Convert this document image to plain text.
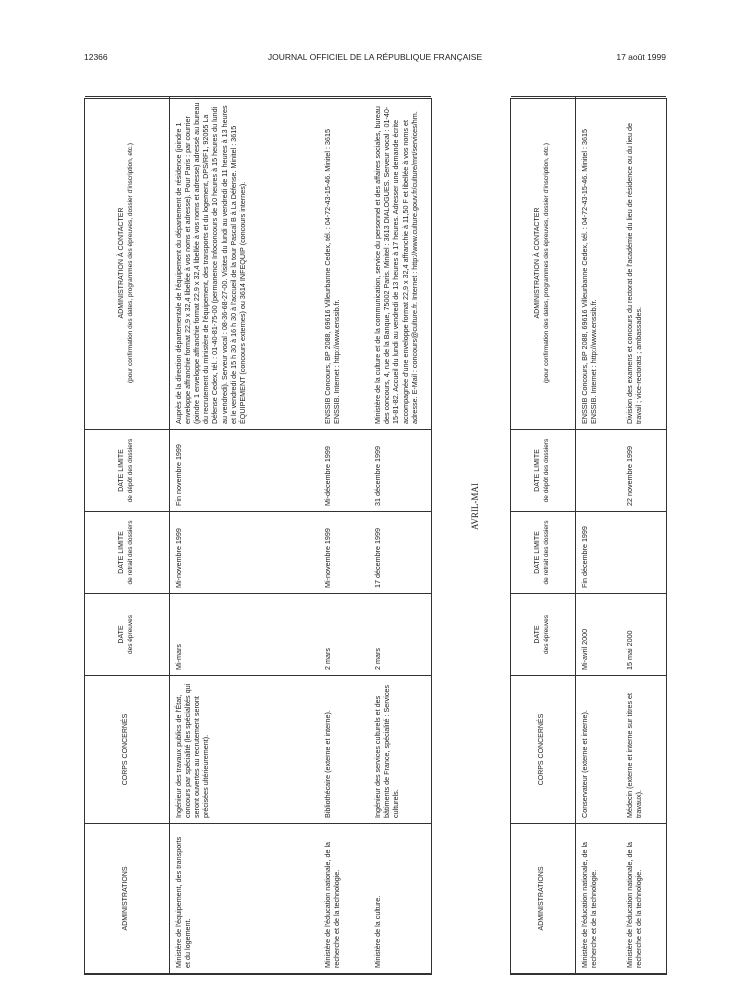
12366	JOURNAL OFFICIEL DE LA RÉPUBLIQUE FRANÇAISE	17 août 1999
ADMINISTRATIONS	CORPS CONCERNÉS	DATE des épreuves	DATE LIMITE de retrait des dossiers	DATE LIMITE de dépôt des dossiers	ADMINISTRATION À CONTACTER (pour confirmation des dates, programmes des épreuves, dossier d'inscription, etc.)

Ministère de l'équipement, des transports et du logement.	Ingénieur des travaux publics de l'État, concours par spécialité (les spécialités qui seront ouvertes au recrutement seront précisées ultérieurement).	Mi-mars	Mi-novembre 1999	Fin novembre 1999	Auprès de la direction départementale de l'équipement du département de résidence (joindre 1 enveloppe affranchie format 22,9 x 32,4 libellée à vos noms et adresse). Pour Paris : par courrier (joindre 1 enveloppe affranchie format 22,9 x 32,4 libellée à vos noms et adresse) adressé au bureau du recrutement du ministère de l'équipement, des transports et du logement, DPS/RF1, 92055 La Défense Cedex, tél. : 01-40-81-75-00 (permanence Infoconcours de 10 heures à 15 heures du lundi au vendredi). Serveur vocal : 08-36-68-27-00. Visites du lundi au vendredi de 11 heures à 13 heures et le vendredi de 15 h 30 à 16 h 30 à l'accueil de la tour Pascal B à La Défense. Minitel : 3615 ÉQUIPEMENT (concours externes) ou 3614 INFEQUIP (concours internes).
Ministère de l'éducation nationale, de la recherche et de la technologie.	Bibliothécaire (externe et interne).	2 mars	Mi-novembre 1999	Mi-décembre 1999	ENSSIB Concours, BP 2088, 69616 Villeurbanne Cedex, tél. : 04-72-43-15-46. Minitel : 3615 ENSSIB. Internet : http://www.enssib.fr.
Ministère de la culture.	Ingénieur des services culturels et des bâtiments de France, spécialité : Services culturels.	2 mars	17 décembre 1999	31 décembre 1999	Ministère de la culture et de la communication, service du personnel et des affaires sociales, bureau des concours, 4, rue de la Banque, 75002 Paris. Minitel : 3613 DIALOGUES. Serveur vocal : 01-40-15-81-82. Accueil du lundi au vendredi de 13 heures à 17 heures. Adresser une demande écrite accompagnée d'une enveloppe format 22,9 x 32,4 affranchie à 11,50 F et libellée à vos noms et adresse. E-Mail : concours@culture.fr. Internet : http://www.culture.gouv.fr/culture/mrt/services/hm.
AVRIL-MAI
ADMINISTRATIONS	CORPS CONCERNÉS	DATE des épreuves	DATE LIMITE de retrait des dossiers	DATE LIMITE de dépôt des dossiers	ADMINISTRATION À CONTACTER (pour confirmation des dates, programmes des épreuves, dossier d'inscription, etc.)

Ministère de l'éducation nationale, de la recherche et de la technologie.	Conservateur (externe et interne).	Mi-avril 2000	Fin décembre 1999		ENSSIB Concours, BP 2088, 69616 Villeurbanne Cedex, tél. : 04-72-43-15-46. Minitel : 3615 ENSSIB. Internet : http://www.enssib.fr.
Ministère de l'éducation nationale, de la recherche et de la technologie.	Médecin (externe et interne sur titres et travaux).	15 mai 2000		22 novembre 1999	Division des examens et concours du rectorat de l'académie du lieu de résidence ou du lieu de travail ; vice-rectorats ; ambassades.
